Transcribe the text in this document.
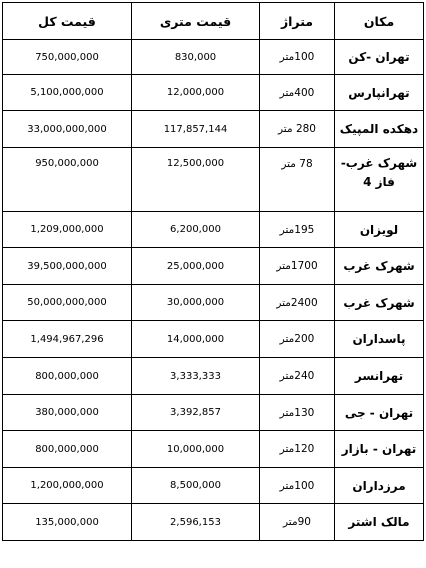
مکان	متراژ	قیمت متری	قیمت کل
تهران -کن	100متر	830,000	750,000,000
تهرانپارس	400متر	12,000,000	5,100,000,000
دهکده المپیک	280 متر	117,857,144	33,000,000,000

شهرک غرب- فاز 4	78 متر	12,500,000	950,000,000
لویزان	195متر	6,200,000	1,209,000,000
شهرک غرب	1700متر	25,000,000	39,500,000,000
شهرک غرب	2400متر	30,000,000	50,000,000,000
پاسداران	200متر	14,000,000	1,494,967,296
تهرانسر	240متر	3,333,333	800,000,000
تهران - جی	130متر	3,392,857	380,000,000
تهران - بازار	120متر	10,000,000	800,000,000
مرزداران	100متر	8,500,000	1,200,000,000
مالک اشتر	90متر	2,596,153	135,000,000
